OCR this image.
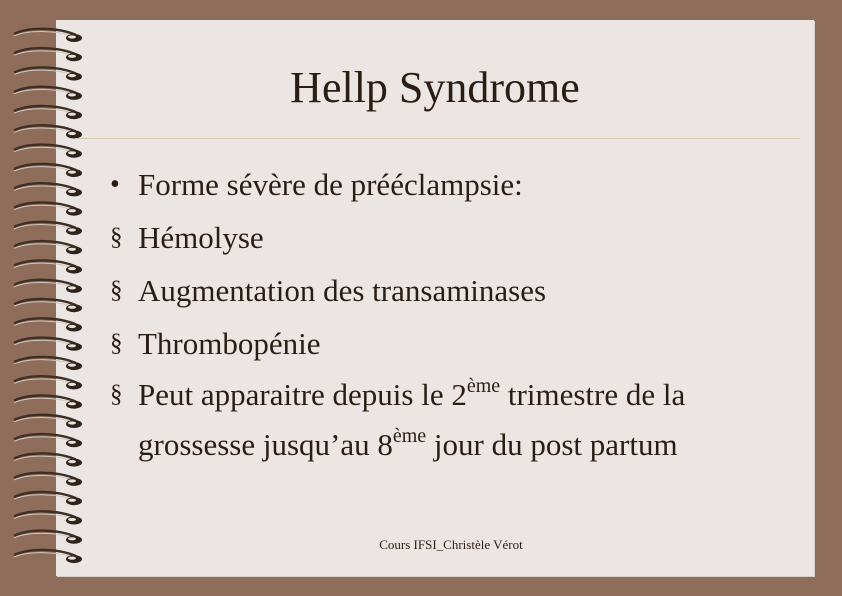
Hellp Syndrome
• Forme sévère de prééclampsie:
§ Hémolyse
§ Augmentation des transaminases
§ Thrombopénie
§ Peut apparaitre depuis le 2ème trimestre de la grossesse jusqu’au 8ème jour du post partum
Cours IFSI_Christèle Vérot
